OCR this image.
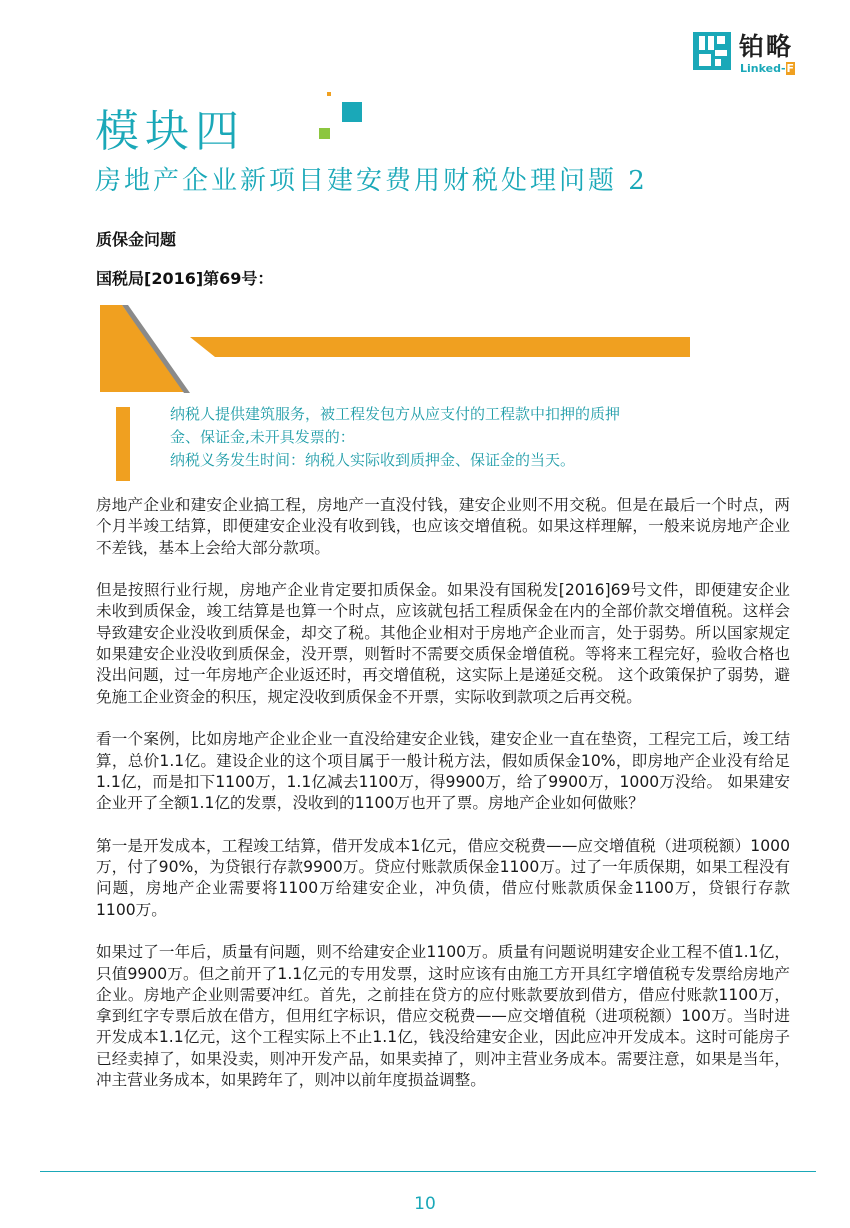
铂略
Linked-F
模块四
房地产企业新项目建安费用财税处理问题 2
质保金问题
国税局[2016]第69号：
纳税人提供建筑服务，被工程发包方从应支付的工程款中扣押的质押
金、保证金,未开具发票的：
纳税义务发生时间：纳税人实际收到质押金、保证金的当天。

房地产企业和建安企业搞工程，房地产一直没付钱，建安企业则不用交税。但是在最后一个时点，两个月半竣工结算，即便建安企业没有收到钱，也应该交增值税。如果这样理解，一般来说房地产企业不差钱，基本上会给大部分款项。

但是按照行业行规，房地产企业肯定要扣质保金。如果没有国税发[2016]69号文件，即便建安企业未收到质保金，竣工结算是也算一个时点，应该就包括工程质保金在内的全部价款交增值税。这样会导致建安企业没收到质保金，却交了税。其他企业相对于房地产企业而言，处于弱势。所以国家规定如果建安企业没收到质保金，没开票，则暂时不需要交质保金增值税。等将来工程完好，验收合格也没出问题，过一年房地产企业返还时，再交增值税，这实际上是递延交税。 这个政策保护了弱势，避免施工企业资金的积压，规定没收到质保金不开票，实际收到款项之后再交税。

看一个案例，比如房地产企业企业一直没给建安企业钱，建安企业一直在垫资，工程完工后，竣工结算，总价1.1亿。建设企业的这个项目属于一般计税方法，假如质保金10%，即房地产企业没有给足1.1亿，而是扣下1100万，1.1亿减去1100万，得9900万，给了9900万，1000万没给。 如果建安企业开了全额1.1亿的发票，没收到的1100万也开了票。房地产企业如何做账？

第一是开发成本，工程竣工结算，借开发成本1亿元，借应交税费——应交增值税（进项税额）1000万，付了90%，为贷银行存款9900万。贷应付账款质保金1100万。过了一年质保期，如果工程没有问题，房地产企业需要将1100万给建安企业，冲负债，借应付账款质保金1100万，贷银行存款1100万。

如果过了一年后，质量有问题，则不给建安企业1100万。质量有问题说明建安企业工程不值1.1亿，只值9900万。但之前开了1.1亿元的专用发票，这时应该有由施工方开具红字增值税专发票给房地产企业。房地产企业则需要冲红。首先，之前挂在贷方的应付账款要放到借方，借应付账款1100万，拿到红字专票后放在借方，但用红字标识，借应交税费——应交增值税（进项税额）100万。当时进开发成本1.1亿元，这个工程实际上不止1.1亿，钱没给建安企业，因此应冲开发成本。这时可能房子已经卖掉了，如果没卖，则冲开发产品，如果卖掉了，则冲主营业务成本。需要注意，如果是当年，冲主营业务成本，如果跨年了，则冲以前年度损益调整。

10
